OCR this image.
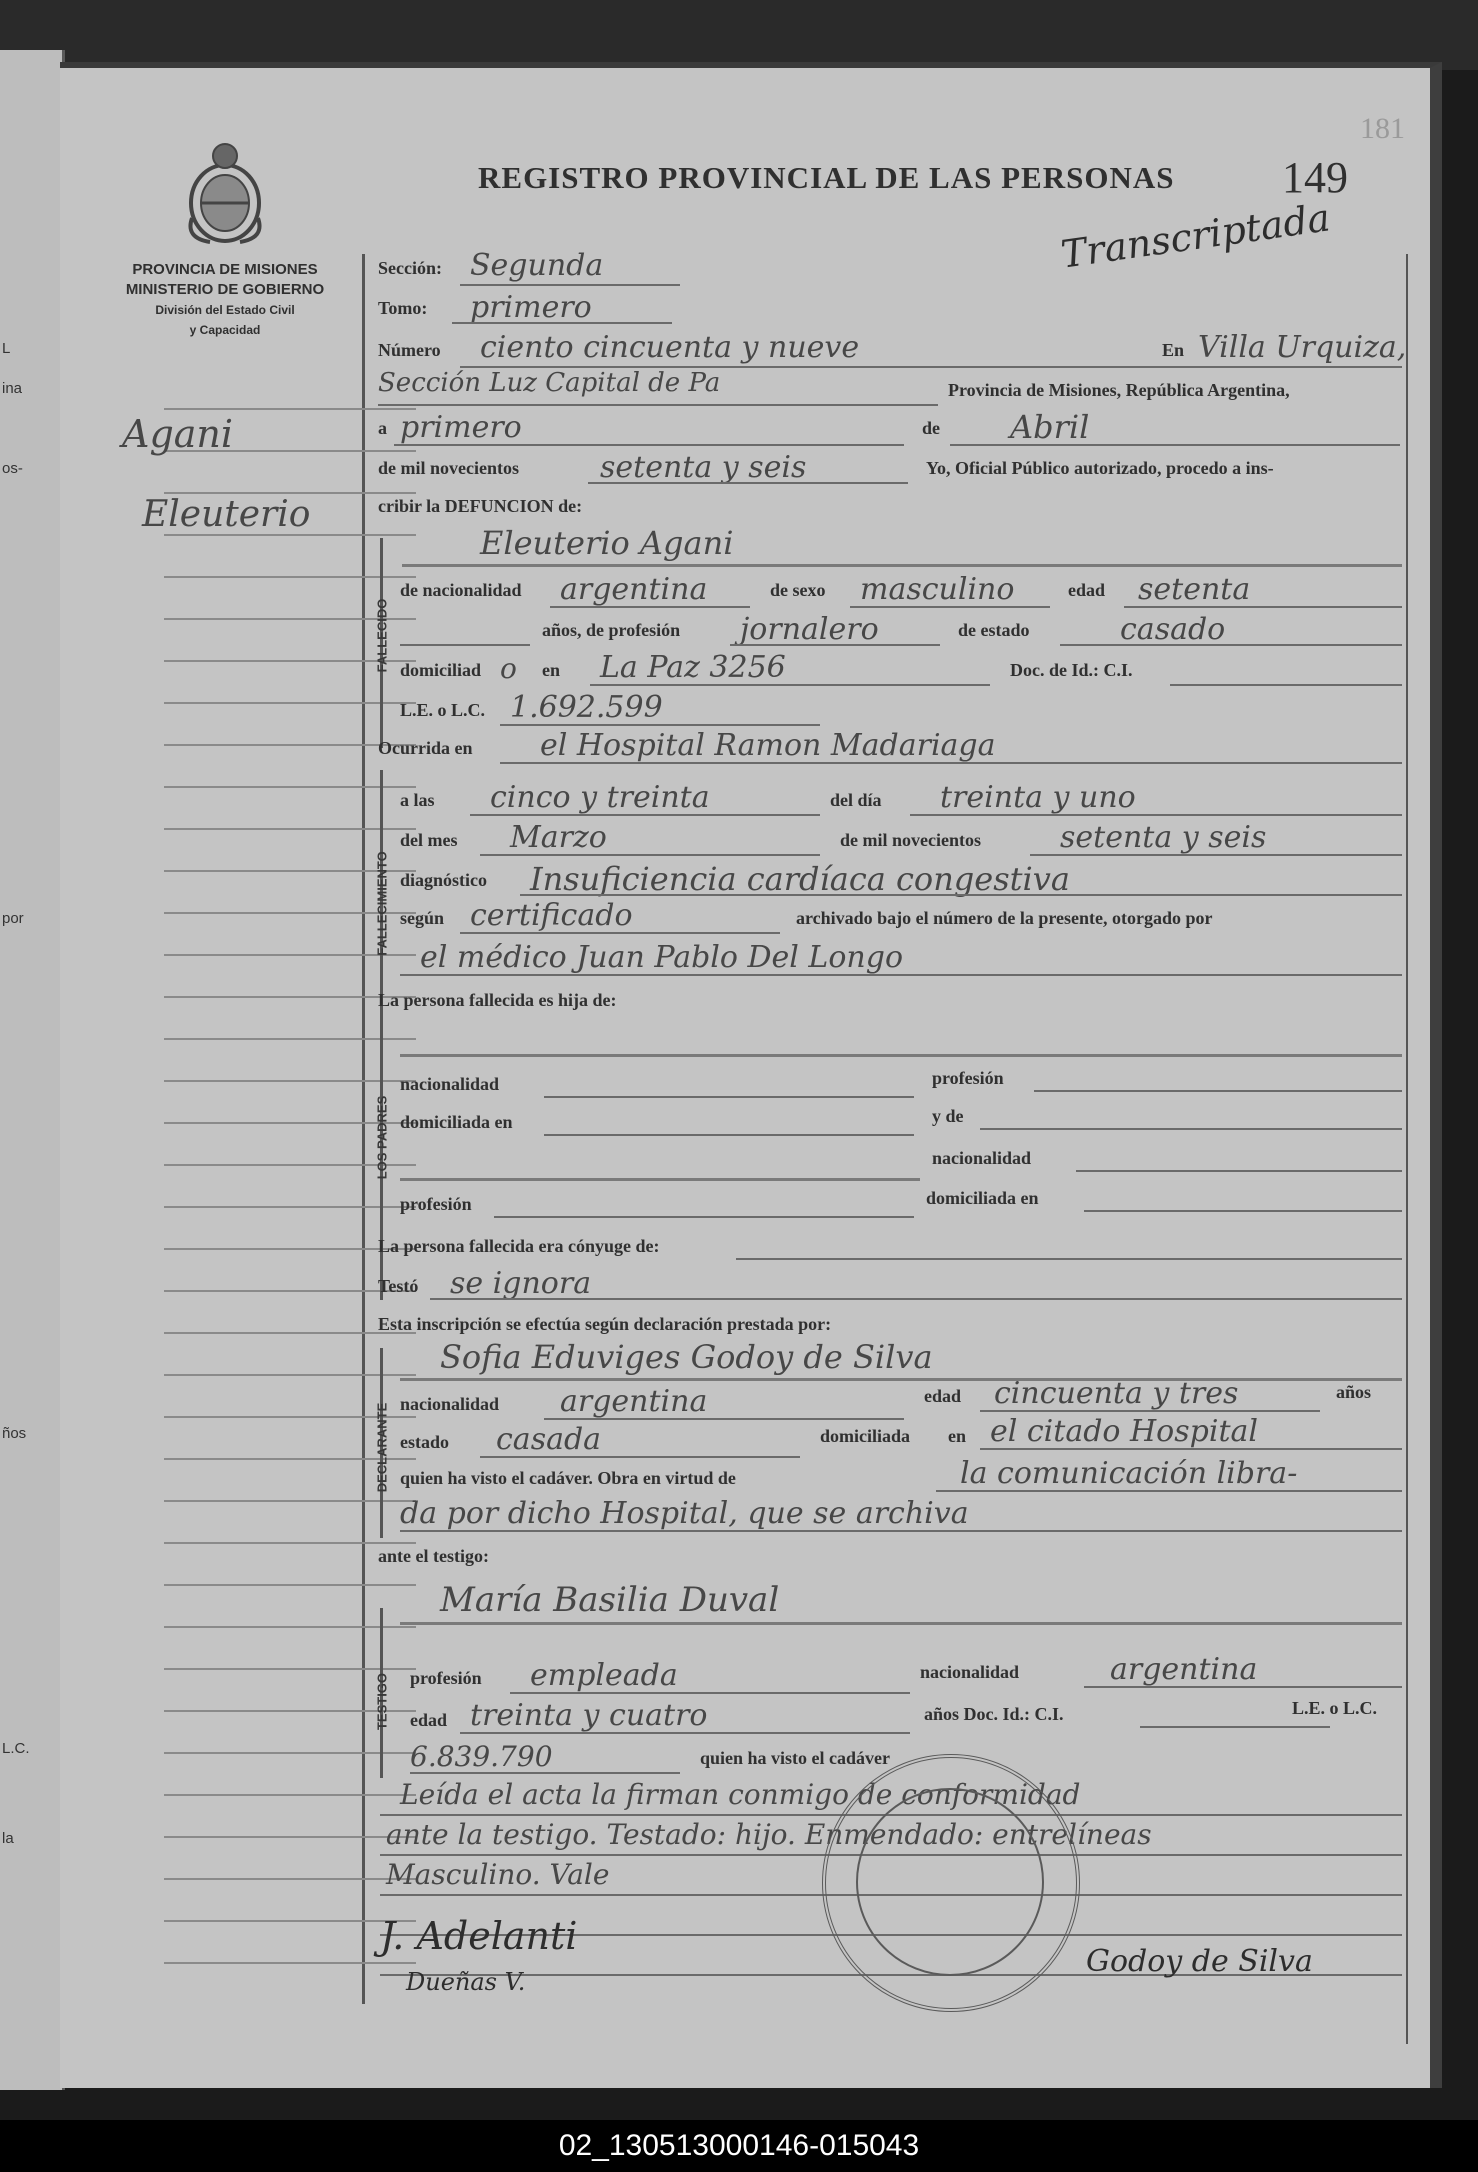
L
ina
os-
por
ños
L.C.
la
PROVINCIA DE MISIONES
MINISTERIO DE GOBIERNO
División del Estado Civil
y Capacidad
REGISTRO PROVINCIAL DE LAS PERSONAS 149
181
Transcriptada
Agani
Eleuterio
Sección: Segunda
Tomo: primero
Número ciento cincuenta y nueve	En Villa Urquiza,
Sección Luz Capital de Pa	Provincia de Misiones, República Argentina,
a primero	de Abril
de mil novecientos	setenta y seis	Yo, Oficial Público autorizado, procedo a ins-
cribir la DEFUNCION de:
FALLECIDO
Eleuterio Agani
de nacionalidad argentina	de sexo masculino	edad setenta
años, de profesión jornalero	de estado	casado
domiciliad o en La Paz 3256	Doc. de Id.: C.I.
L.E. o L.C. 1.692.599
Ocurrida en el Hospital Ramon Madariaga
FALLECIMIENTO
a las cinco y treinta	del día treinta y uno
del mes Marzo	de mil novecientos	setenta y seis
diagnóstico Insuficiencia cardíaca congestiva
según certificado	archivado bajo el número de la presente, otorgado por
el médico Juan Pablo Del Longo
La persona fallecida es hija de:
LOS PADRES
nacionalidad	profesión
domiciliada en	y de
nacionalidad
profesión	domiciliada en
La persona fallecida era cónyuge de:
Testó se ignora
Esta inscripción se efectúa según declaración prestada por:
DECLARANTE
Sofia Eduviges Godoy de Silva
nacionalidad argentina	edad cincuenta y tres	años
estado casada	domiciliada en el citado Hospital
quien ha visto el cadáver. Obra en virtud de	la comunicación libra-
da por dicho Hospital, que se archiva
ante el testigo:
TESTIGO
María Basilia Duval
profesión empleada	nacionalidad	argentina
edad treinta y cuatro	años Doc. Id.: C.I.	L.E. o L.C.
6.839.790	quien ha visto el cadáver
Leída el acta la firman conmigo de conformidad
ante la testigo. Testado: hijo. Enmendado: entrelíneas
Masculino. Vale
J. Adelanti
Dueñas V.
Godoy de Silva
02_130513000146-015043
